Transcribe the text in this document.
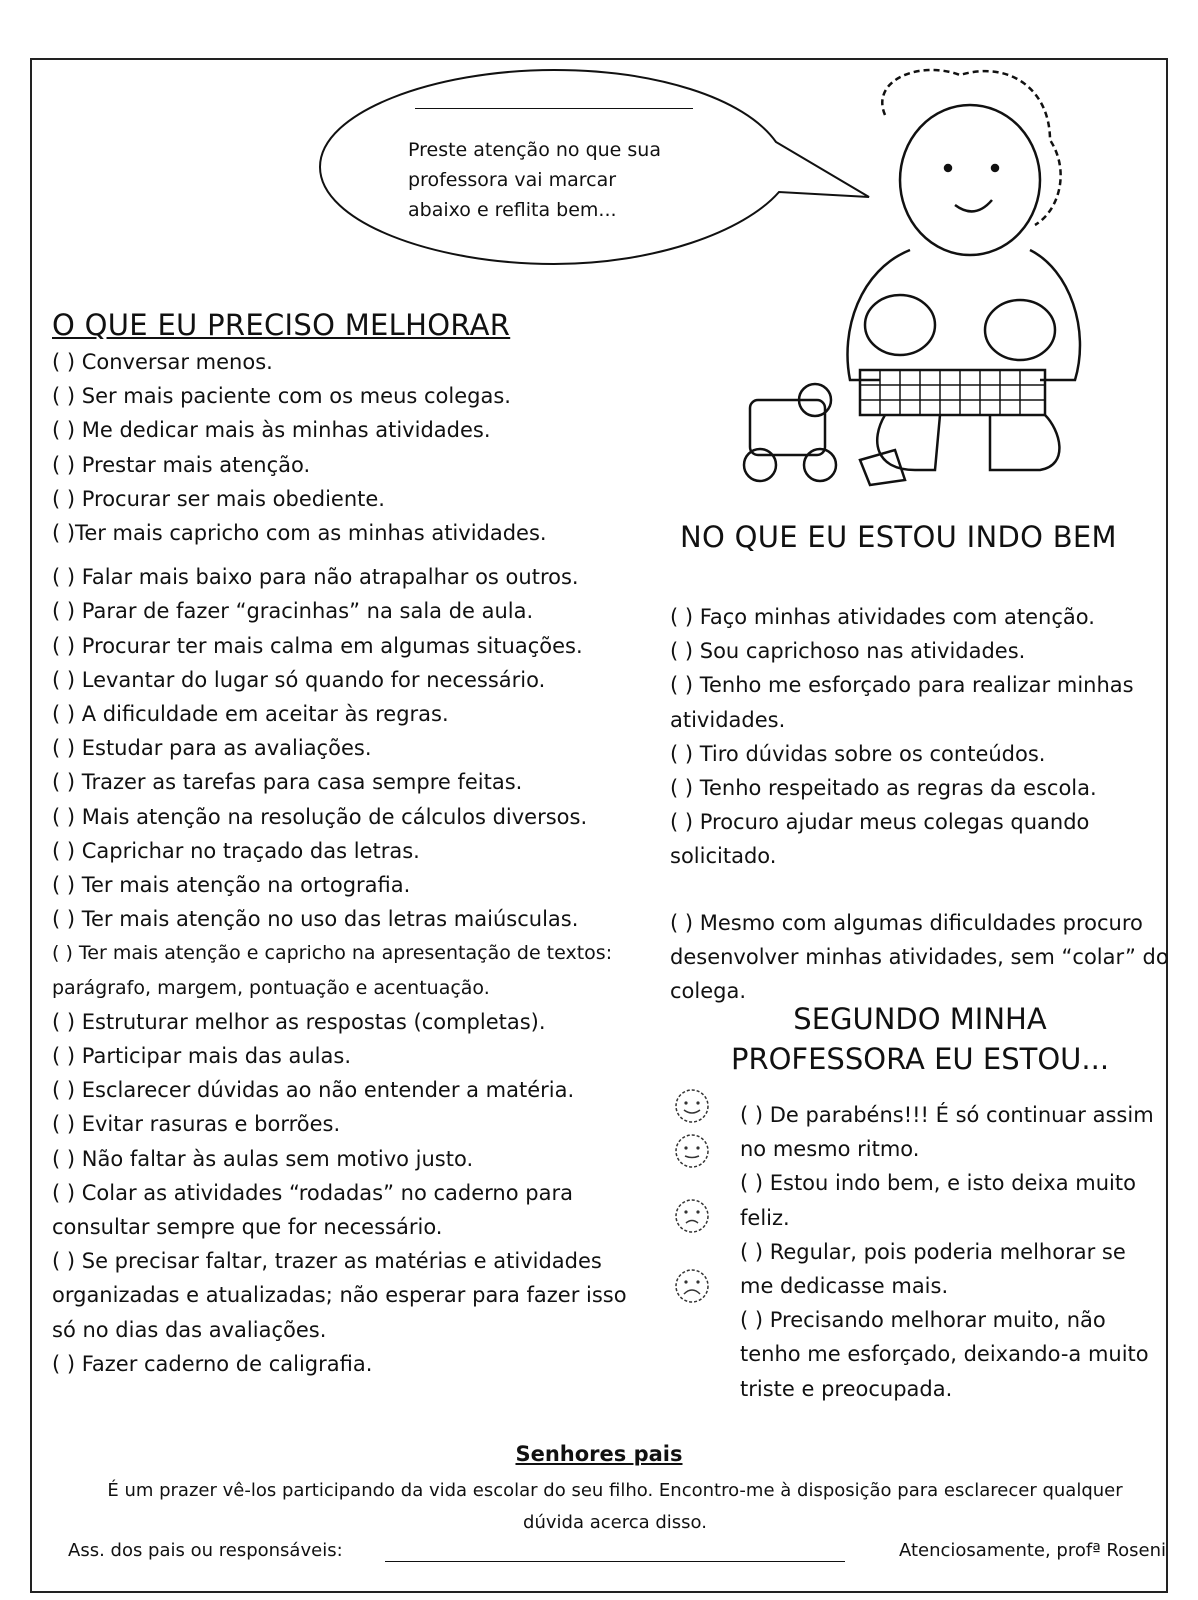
Preste atenção no que sua
professora vai marcar
abaixo e reflita bem...
O QUE EU PRECISO MELHORAR
( ) Conversar menos.
( ) Ser mais paciente com os meus colegas.
( ) Me dedicar mais às minhas atividades.
( ) Prestar mais atenção.
( ) Procurar ser mais obediente.
( )Ter mais capricho com as minhas atividades.
( ) Falar mais baixo para não atrapalhar os outros.
( ) Parar de fazer “gracinhas” na sala de aula.
( ) Procurar ter mais calma em algumas situações.
( ) Levantar do lugar só quando for necessário.
( ) A dificuldade em aceitar às regras.
( ) Estudar para as avaliações.
( ) Trazer as tarefas para casa sempre feitas.
( ) Mais atenção na resolução de cálculos diversos.
( ) Caprichar no traçado das letras.
( ) Ter mais atenção na ortografia.
( ) Ter mais atenção no uso das letras maiúsculas.
( ) Ter mais atenção e capricho na apresentação de textos: parágrafo, margem, pontuação e acentuação.
( ) Estruturar melhor as respostas (completas).
( ) Participar mais das aulas.
( ) Esclarecer dúvidas ao não entender a matéria.
( ) Evitar rasuras e borrões.
( ) Não faltar às aulas sem motivo justo.
( ) Colar as atividades “rodadas” no caderno para consultar sempre que for necessário.
( ) Se precisar faltar, trazer as matérias e atividades organizadas e atualizadas; não esperar para fazer isso só no dias das avaliações.
( ) Fazer caderno de caligrafia.
NO QUE EU ESTOU INDO BEM
( ) Faço minhas atividades com atenção.
( ) Sou caprichoso nas atividades.
( ) Tenho me esforçado para realizar minhas atividades.
( ) Tiro dúvidas sobre os conteúdos.
( ) Tenho respeitado as regras da escola.
( ) Procuro ajudar meus colegas quando solicitado.
( ) Mesmo com algumas dificuldades procuro desenvolver minhas atividades, sem “colar” do colega.
SEGUNDO MINHA
PROFESSORA EU ESTOU...
( ) De parabéns!!! É só continuar assim no mesmo ritmo.
( ) Estou indo bem, e isto deixa muito feliz.
( ) Regular, pois poderia melhorar se me dedicasse mais.
( ) Precisando melhorar muito, não tenho me esforçado, deixando-a muito triste e preocupada.
Senhores pais
É um prazer vê-los participando da vida escolar do seu filho. Encontro-me à disposição para esclarecer qualquer dúvida acerca disso.
Ass. dos pais ou responsáveis:	Atenciosamente, profª Roseni
